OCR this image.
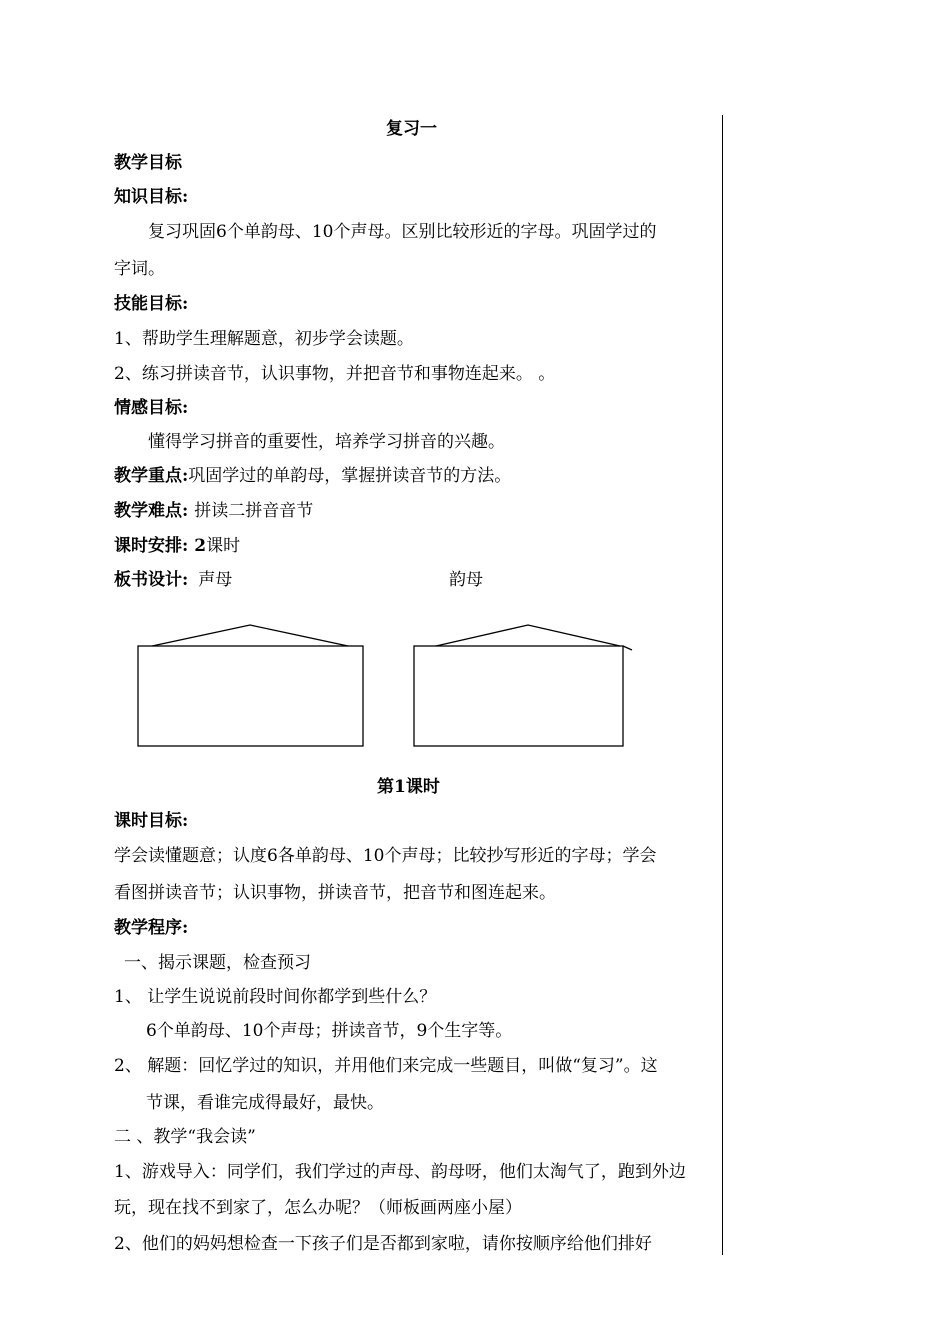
复习一
教学目标
知识目标:
复习巩固6个单韵母、10个声母。区别比较形近的字母。巩固学过的
字词。
技能目标:
1、帮助学生理解题意，初步学会读题。
2、练习拼读音节，认识事物，并把音节和事物连起来。 。
情感目标:
懂得学习拼音的重要性，培养学习拼音的兴趣。
教学重点:巩固学过的单韵母，掌握拼读音节的方法。
教学难点: 拼读二拼音音节
课时安排: 2课时
板书设计: 声母	韵母
第1课时
课时目标:
学会读懂题意；认度6各单韵母、10个声母；比较抄写形近的字母；学会
看图拼读音节；认识事物，拼读音节，把音节和图连起来。
教学程序:
一、揭示课题，检查预习
1、 让学生说说前段时间你都学到些什么？
6个单韵母、10个声母；拼读音节，9个生字等。
2、 解题：回忆学过的知识，并用他们来完成一些题目，叫做“复习”。这
节课，看谁完成得最好，最快。
二 、教学“我会读”
1、游戏导入：同学们，我们学过的声母、韵母呀，他们太淘气了，跑到外边
玩，现在找不到家了，怎么办呢？（师板画两座小屋）
2、他们的妈妈想检查一下孩子们是否都到家啦，请你按顺序给他们排好
